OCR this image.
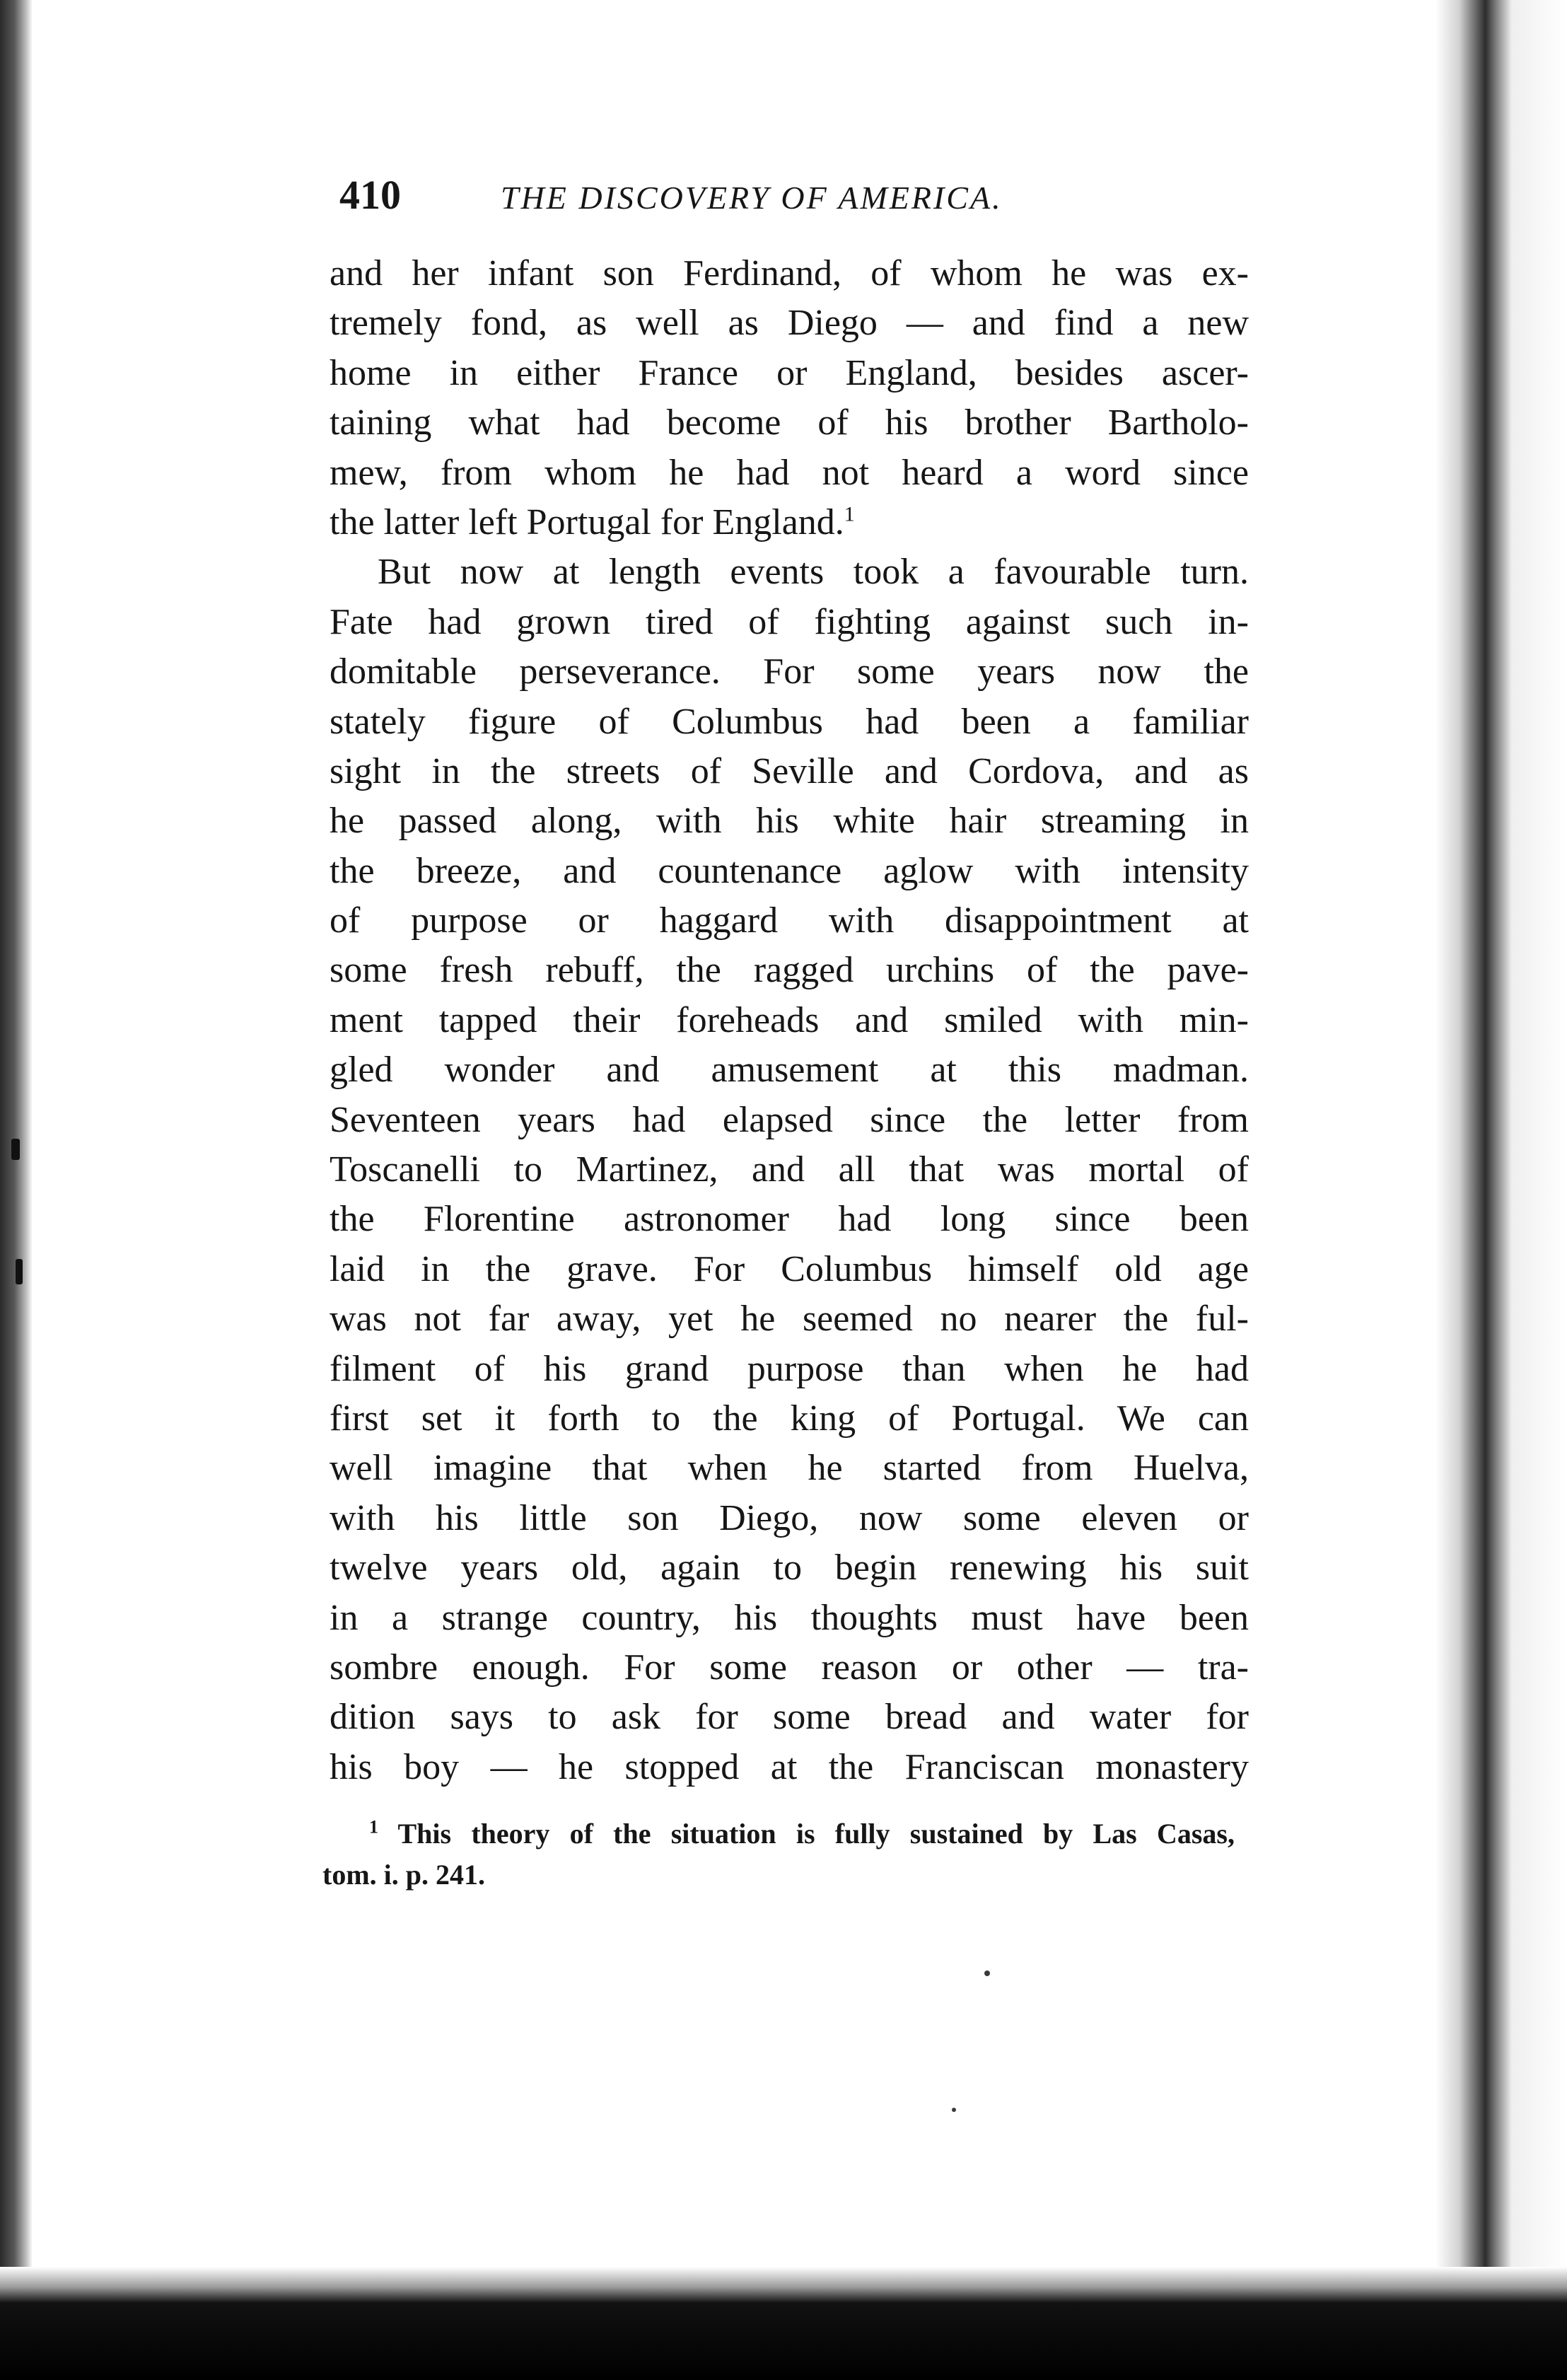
410	THE DISCOVERY OF AMERICA.
and her infant son Ferdinand, of whom he was ex-
tremely fond, as well as Diego — and find a new
home in either France or England, besides ascer-
taining what had become of his brother Bartholo-
mew, from whom he had not heard a word since
the latter left Portugal for England.$^1$
But now at length events took a favourable turn.
Fate had grown tired of fighting against such in-
domitable perseverance. For some years now the
stately figure of Columbus had been a familiar
sight in the streets of Seville and Cordova, and as
he passed along, with his white hair streaming in
the breeze, and countenance aglow with intensity
of purpose or haggard with disappointment at
some fresh rebuff, the ragged urchins of the pave-
ment tapped their foreheads and smiled with min-
gled wonder and amusement at this madman.
Seventeen years had elapsed since the letter from
Toscanelli to Martinez, and all that was mortal of
the Florentine astronomer had long since been
laid in the grave. For Columbus himself old age
was not far away, yet he seemed no nearer the ful-
filment of his grand purpose than when he had
first set it forth to the king of Portugal. We can
well imagine that when he started from Huelva,
with his little son Diego, now some eleven or
twelve years old, again to begin renewing his suit
in a strange country, his thoughts must have been
sombre enough. For some reason or other — tra-
dition says to ask for some bread and water for
his boy — he stopped at the Franciscan monastery
$^1$ This theory of the situation is fully sustained by Las Casas,
tom. i. p. 241.
